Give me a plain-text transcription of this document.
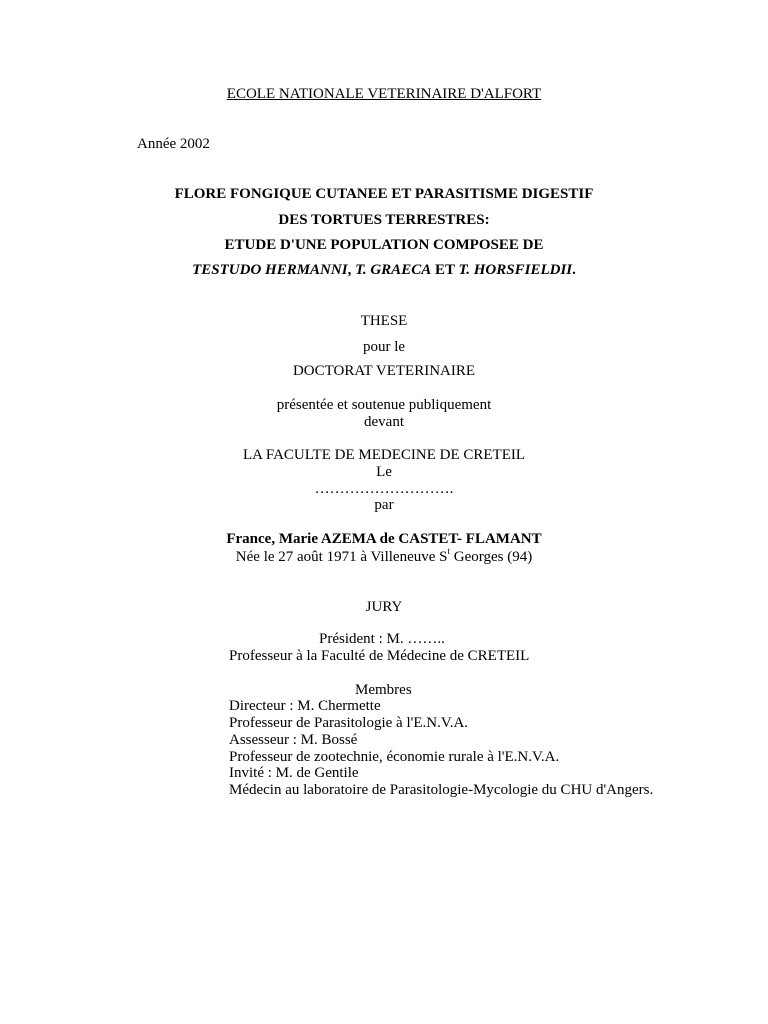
ECOLE NATIONALE VETERINAIRE D'ALFORT
Année 2002
FLORE FONGIQUE CUTANEE ET PARASITISME DIGESTIF
DES TORTUES TERRESTRES:
ETUDE D'UNE POPULATION COMPOSEE DE
TESTUDO HERMANNI, T. GRAECA ET T. HORSFIELDII.
THESE
pour le
DOCTORAT VETERINAIRE
présentée et soutenue publiquement
devant
LA FACULTE DE MEDECINE DE CRETEIL
Le
……………………….
par
France, Marie AZEMA de CASTET- FLAMANT
Née le 27 août 1971 à Villeneuve $S^t$ Georges (94)
JURY
Président : M. ……..
Professeur à la Faculté de Médecine de CRETEIL
Membres
Directeur : M. Chermette
Professeur de Parasitologie à l'E.N.V.A.
Assesseur : M. Bossé
Professeur de zootechnie, économie rurale à l'E.N.V.A.
Invité : M. de Gentile
Médecin au laboratoire de Parasitologie-Mycologie du CHU d'Angers.
